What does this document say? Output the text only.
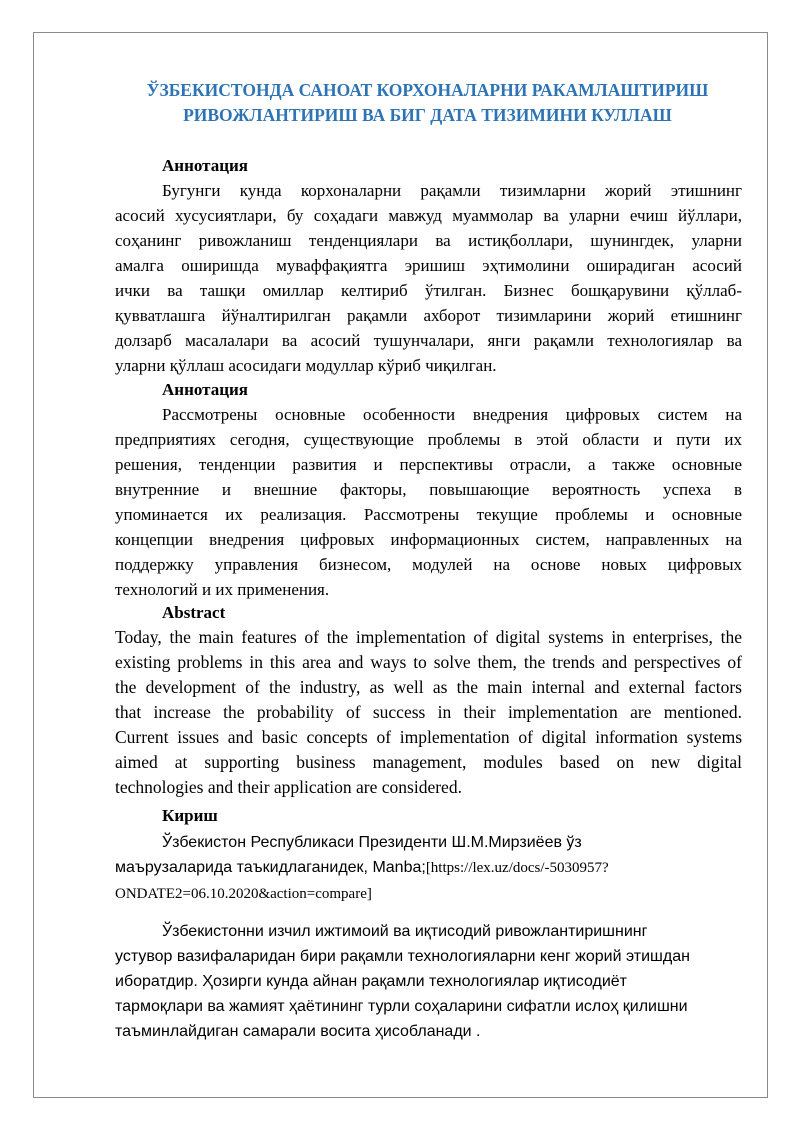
ЎЗБЕКИСТОНДА САНОАТ КОРХОНАЛАРНИ РАКАМЛАШТИРИШ
РИВОЖЛАНТИРИШ ВА БИГ ДАТА ТИЗИМИНИ КУЛЛАШ
Аннотация
Бугунги кунда корхоналарни рақамли тизимларни жорий этишнинг
асосий хусусиятлари, бу соҳадаги мавжуд муаммолар ва уларни ечиш йўллари,
соҳанинг ривожланиш тенденциялари ва истиқболлари, шунингдек, уларни
амалга оширишда муваффақиятга эришиш эҳтимолини оширадиган асосий
ички ва ташқи омиллар келтириб ўтилган. Бизнес бошқарувини қўллаб-
қувватлашга йўналтирилган рақамли ахборот тизимларини жорий етишнинг
долзарб масалалари ва асосий тушунчалари, янги рақамли технологиялар ва
уларни қўллаш асосидаги модуллар кўриб чиқилган.
Аннотация
Рассмотрены основные особенности внедрения цифровых систем на
предприятиях сегодня, существующие проблемы в этой области и пути их
решения, тенденции развития и перспективы отрасли, а также основные
внутренние и внешние факторы, повышающие вероятность успеха в
упоминается их реализация. Рассмотрены текущие проблемы и основные
концепции внедрения цифровых информационных систем, направленных на
поддержку управления бизнесом, модулей на основе новых цифровых
технологий и их применения.
Abstract
Today, the main features of the implementation of digital systems in enterprises, the
existing problems in this area and ways to solve them, the trends and perspectives of
the development of the industry, as well as the main internal and external factors
that increase the probability of success in their implementation are mentioned.
Current issues and basic concepts of implementation of digital information systems
aimed at supporting business management, modules based on new digital
technologies and their application are considered.
Кириш
Ўзбекистон Республикаси Президенти Ш.М.Мирзиёев ўз
маърузаларида таъкидлаганидек, Manba;[https://lex.uz/docs/-5030957?
ONDATE2=06.10.2020&action=compare]
Ўзбекистонни изчил ижтимоий ва иқтисодий ривожлантиришнинг
устувор вазифаларидан бири рақамли технологияларни кенг жорий этишдан
иборатдир. Ҳозирги кунда айнан рақамли технологиялар иқтисодиёт
тармоқлари ва жамият ҳаётининг турли соҳаларини сифатли ислоҳ қилишни
таъминлайдиган самарали восита ҳисобланади .
